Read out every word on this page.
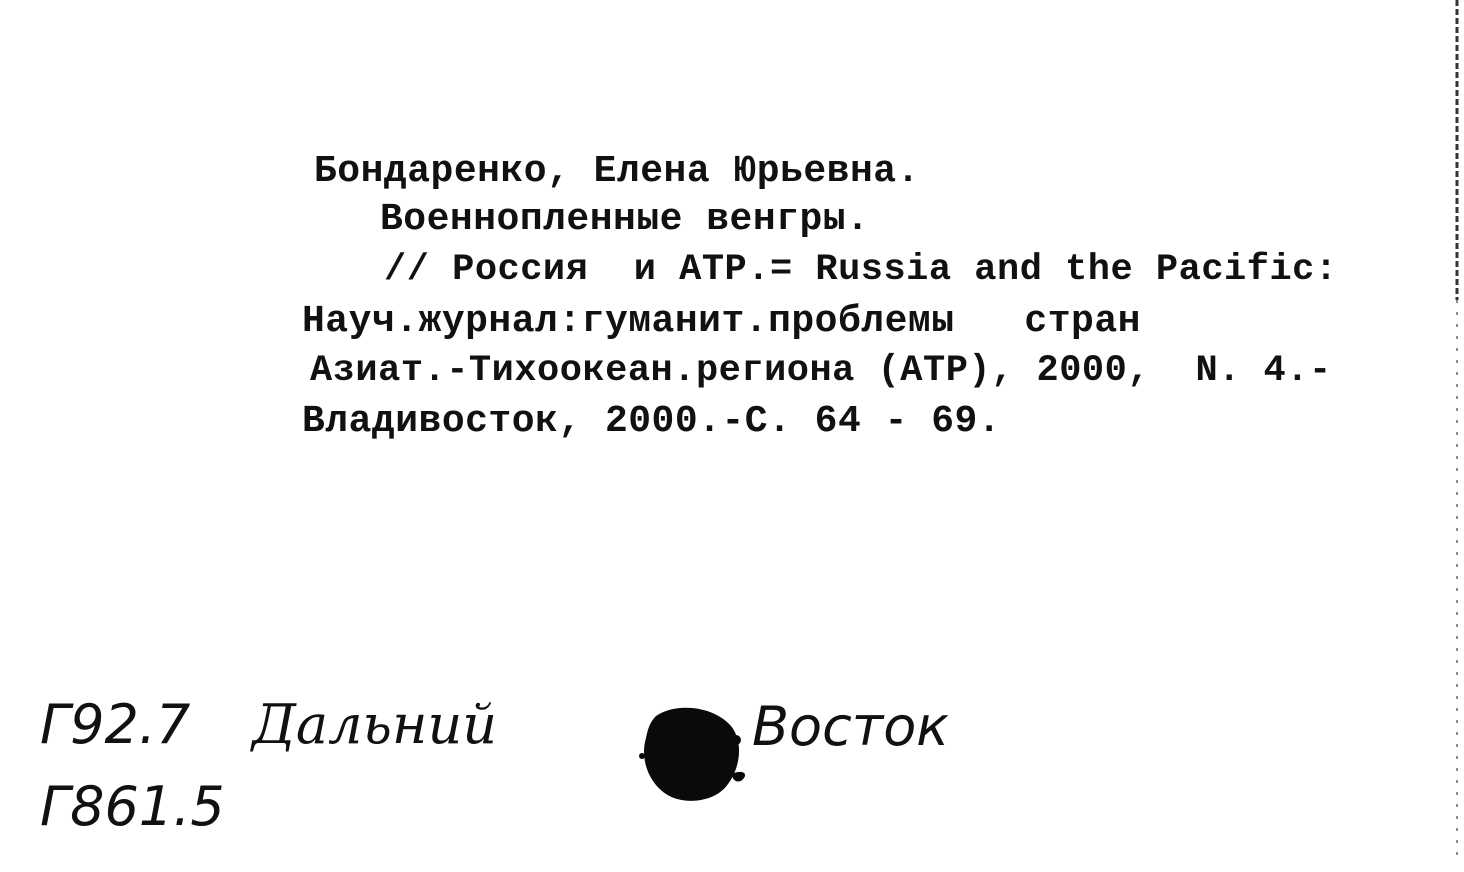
Бондаренко, Елена Юрьевна.
Военнопленные венгры.
// Россия  и АТР.= Russia and the Pacific:
Науч.журнал:гуманит.проблемы   стран
Азиат.-Тихоокеан.региона (АТР), 2000,  N. 4.-
Владивосток, 2000.-С. 64 - 69.
Г92.7 Дальний	Восток
Г861.5
